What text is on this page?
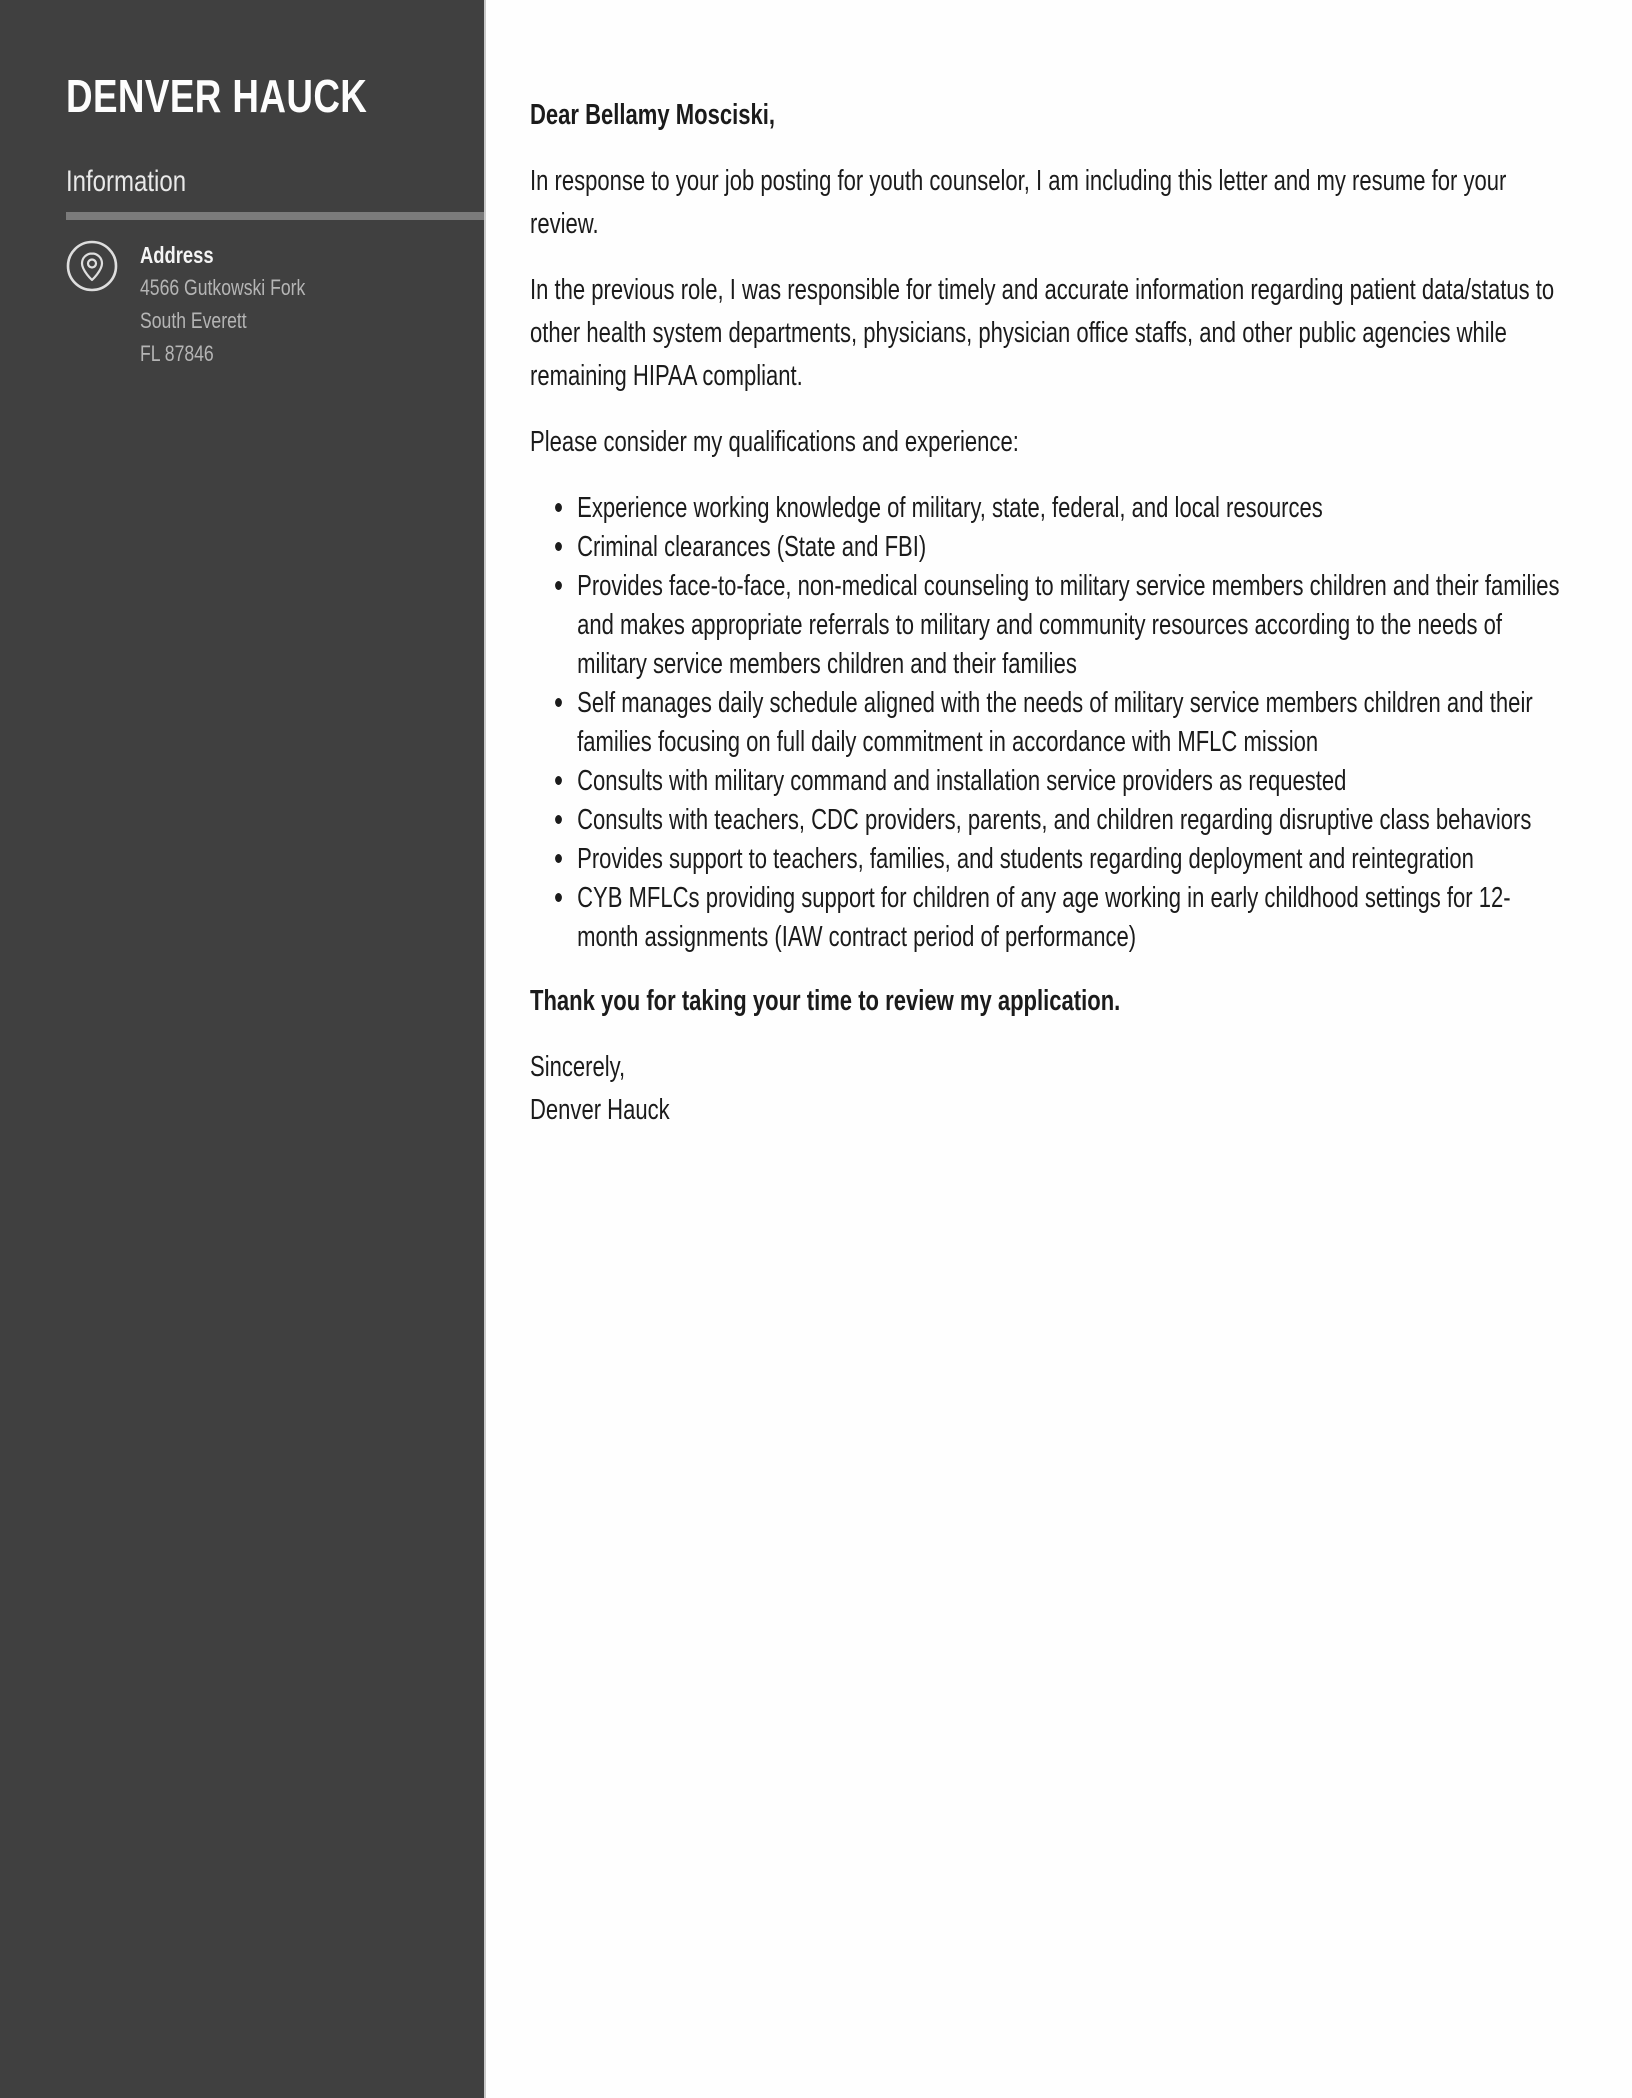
DENVER HAUCK
Information
Address
4566 Gutkowski Fork
South Everett
FL 87846

Dear Bellamy Mosciski,

In response to your job posting for youth counselor, I am including this letter and my resume for your review.

In the previous role, I was responsible for timely and accurate information regarding patient data/status to other health system departments, physicians, physician office staffs, and other public agencies while remaining HIPAA compliant.

Please consider my qualifications and experience:

Experience working knowledge of military, state, federal, and local resources
Criminal clearances (State and FBI)
Provides face-to-face, non-medical counseling to military service members children and their families and makes appropriate referrals to military and community resources according to the needs of military service members children and their families
Self manages daily schedule aligned with the needs of military service members children and their families focusing on full daily commitment in accordance with MFLC mission
Consults with military command and installation service providers as requested
Consults with teachers, CDC providers, parents, and children regarding disruptive class behaviors
Provides support to teachers, families, and students regarding deployment and reintegration
CYB MFLCs providing support for children of any age working in early childhood settings for 12-month assignments (IAW contract period of performance)

Thank you for taking your time to review my application.

Sincerely,
Denver Hauck
